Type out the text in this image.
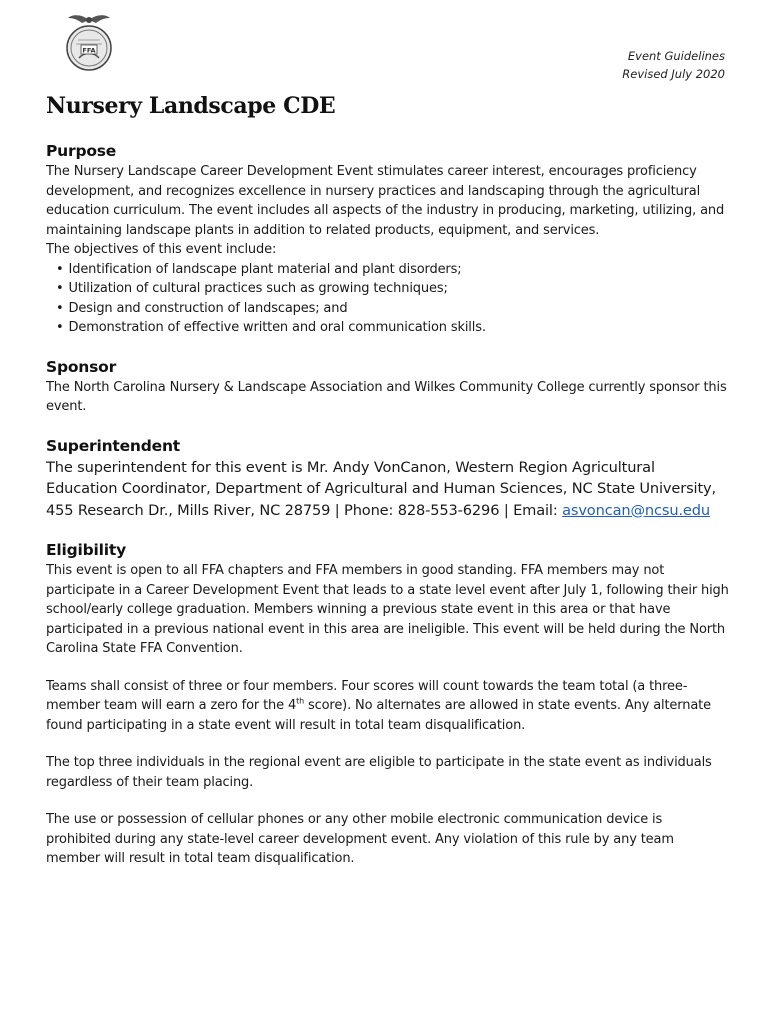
FFA	Event Guidelines
Revised July 2020
Nursery Landscape CDE
Purpose

The Nursery Landscape Career Development Event stimulates career interest, encourages proficiency development, and recognizes excellence in nursery practices and landscaping through the agricultural education curriculum. The event includes all aspects of the industry in producing, marketing, utilizing, and maintaining landscape plants in addition to related products, equipment, and services.

The objectives of this event include:

• Identification of landscape plant material and plant disorders;
• Utilization of cultural practices such as growing techniques;
• Design and construction of landscapes; and
• Demonstration of effective written and oral communication skills.
Sponsor

The North Carolina Nursery & Landscape Association and Wilkes Community College currently sponsor this event.

Superintendent

The superintendent for this event is Mr. Andy VonCanon, Western Region Agricultural Education Coordinator, Department of Agricultural and Human Sciences, NC State University, 455 Research Dr., Mills River, NC 28759 | Phone: 828-553-6296 | Email: asvoncan@ncsu.edu

Eligibility

This event is open to all FFA chapters and FFA members in good standing. FFA members may not participate in a Career Development Event that leads to a state level event after July 1, following their high school/early college graduation. Members winning a previous state event in this area or that have participated in a previous national event in this area are ineligible. This event will be held during the North Carolina State FFA Convention.

Teams shall consist of three or four members. Four scores will count towards the team total (a three-member team will earn a zero for the 4th score). No alternates are allowed in state events. Any alternate found participating in a state event will result in total team disqualification.

The top three individuals in the regional event are eligible to participate in the state event as individuals regardless of their team placing.

The use or possession of cellular phones or any other mobile electronic communication device is prohibited during any state-level career development event. Any violation of this rule by any team member will result in total team disqualification.
